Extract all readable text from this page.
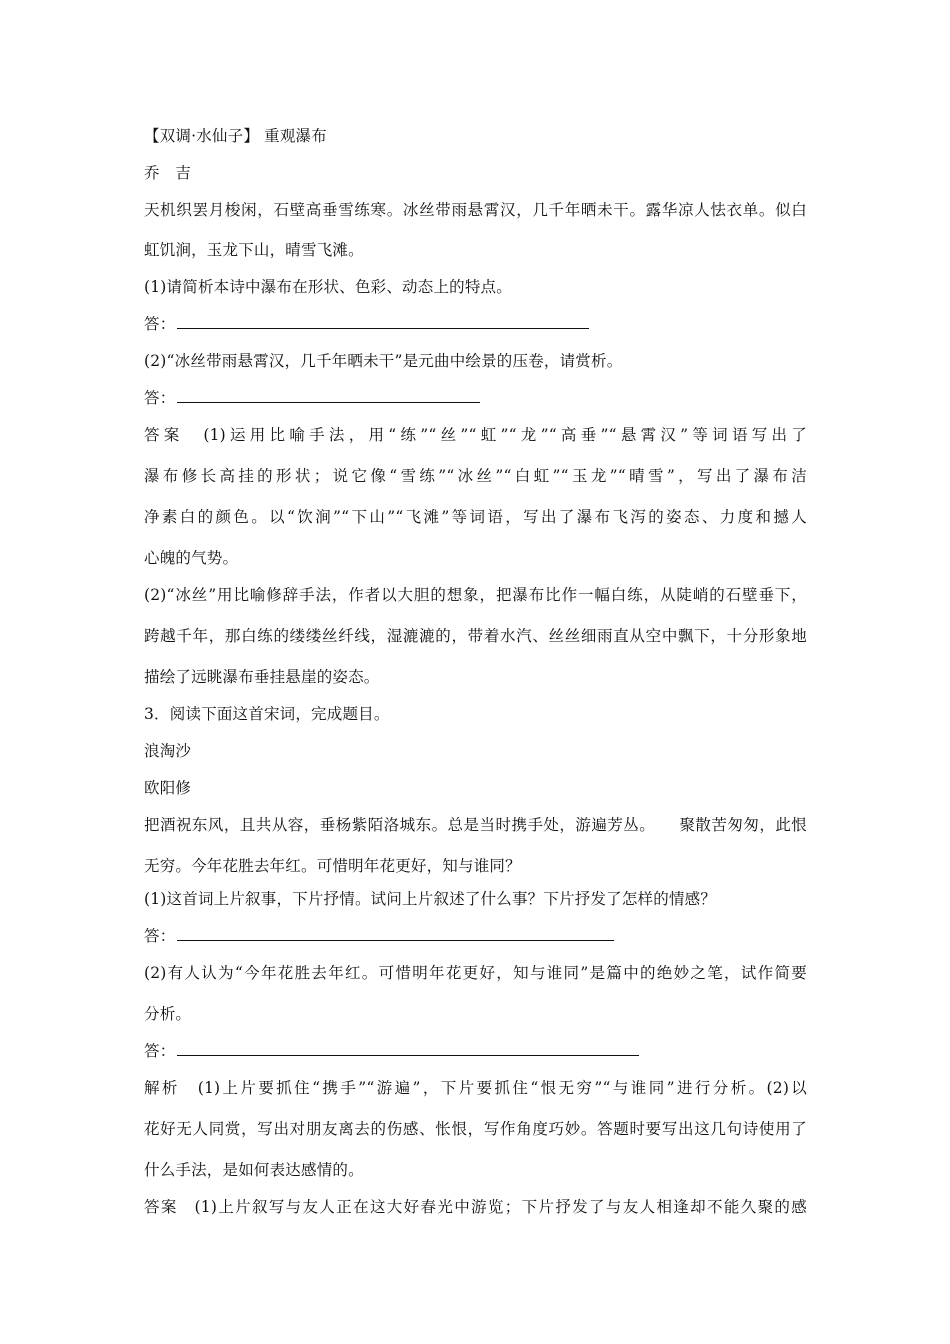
【双调·水仙子】 重观瀑布
乔　吉
天机织罢月梭闲，石壁高垂雪练寒。冰丝带雨悬霄汉，几千年晒未干。露华凉人怯衣单。似白
虹饥涧，玉龙下山，晴雪飞滩。
(1)请简析本诗中瀑布在形状、色彩、动态上的特点。
答：
(2)“冰丝带雨悬霄汉，几千年晒未干”是元曲中绘景的压卷，请赏析。
答：
答案　(1)运用比喻手法，用“练”“丝”“虹”“龙”“高垂”“悬霄汉”等词语写出了
瀑布修长高挂的形状；说它像“雪练”“冰丝”“白虹”“玉龙”“晴雪”，写出了瀑布洁
净素白的颜色。以“饮涧”“下山”“飞滩”等词语，写出了瀑布飞泻的姿态、力度和撼人
心魄的气势。
(2)“冰丝”用比喻修辞手法，作者以大胆的想象，把瀑布比作一幅白练，从陡峭的石壁垂下，
跨越千年，那白练的缕缕丝纤线，湿漉漉的，带着水汽、丝丝细雨直从空中飘下，十分形象地
描绘了远眺瀑布垂挂悬崖的姿态。
3．阅读下面这首宋词，完成题目。
浪淘沙
欧阳修
把酒祝东风，且共从容，垂杨紫陌洛城东。总是当时携手处，游遍芳丛。　　聚散苦匆匆，此恨
无穷。今年花胜去年红。可惜明年花更好，知与谁同？
(1)这首词上片叙事，下片抒情。试问上片叙述了什么事？下片抒发了怎样的情感？
答：
(2)有人认为“今年花胜去年红。可惜明年花更好，知与谁同”是篇中的绝妙之笔，试作简要
分析。
答：
解析　(1)上片要抓住“携手”“游遍”，下片要抓住“恨无穷”“与谁同”进行分析。(2)以
花好无人同赏，写出对朋友离去的伤感、怅恨，写作角度巧妙。答题时要写出这几句诗使用了
什么手法，是如何表达感情的。
答案　(1)上片叙写与友人正在这大好春光中游览；下片抒发了与友人相逢却不能久聚的感
